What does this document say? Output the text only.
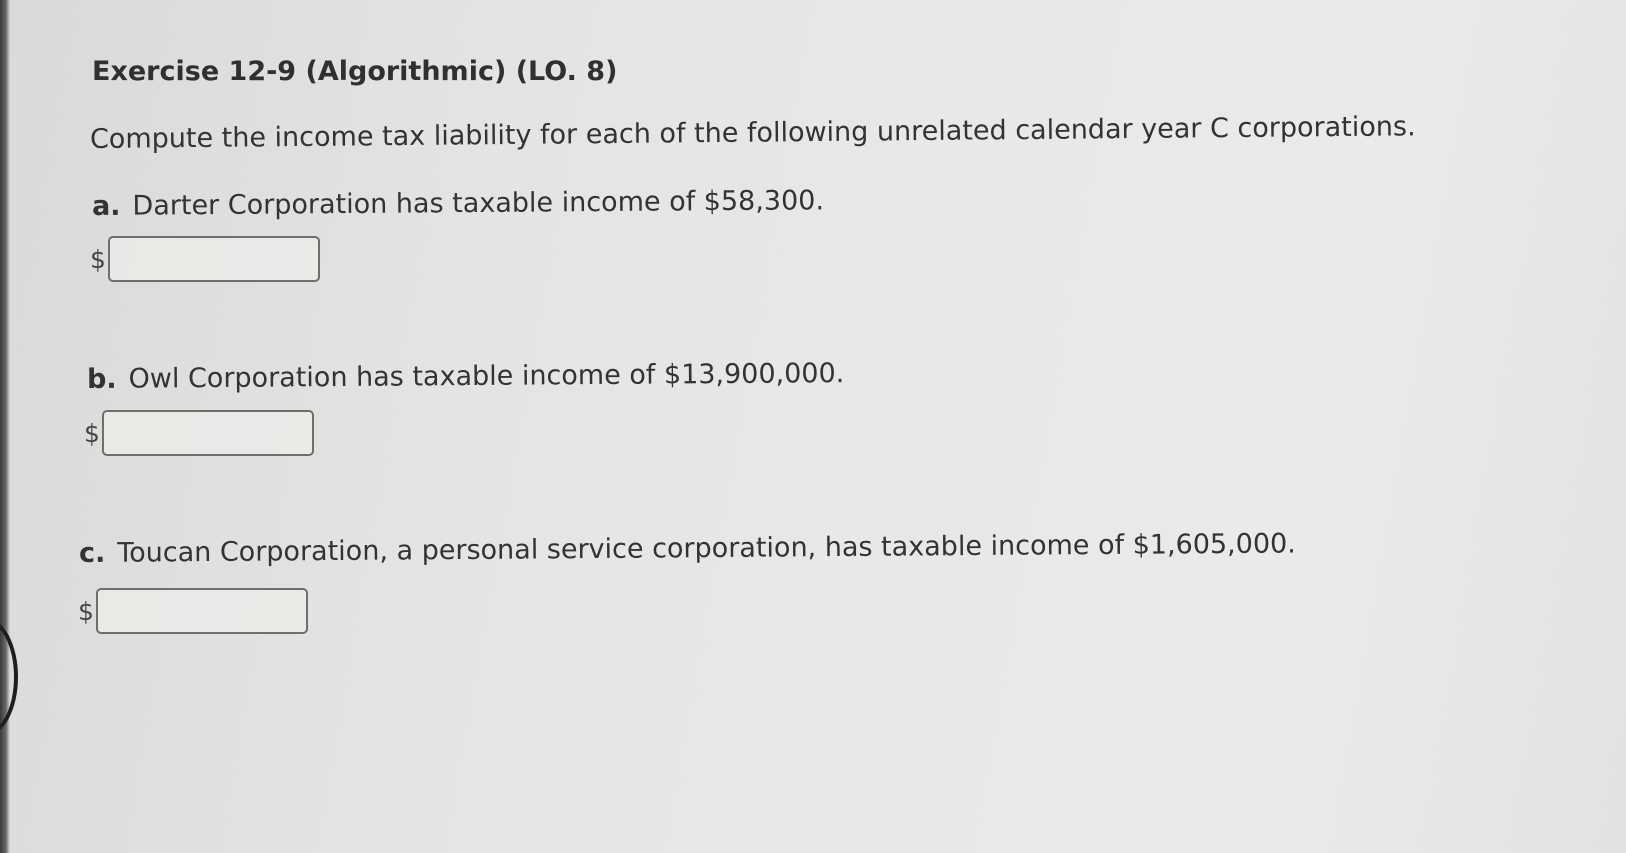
Exercise 12-9 (Algorithmic) (LO. 8)
Compute the income tax liability for each of the following unrelated calendar year C corporations.
a. Darter Corporation has taxable income of $58,300.
$
b. Owl Corporation has taxable income of $13,900,000.
$
c. Toucan Corporation, a personal service corporation, has taxable income of $1,605,000.
$
